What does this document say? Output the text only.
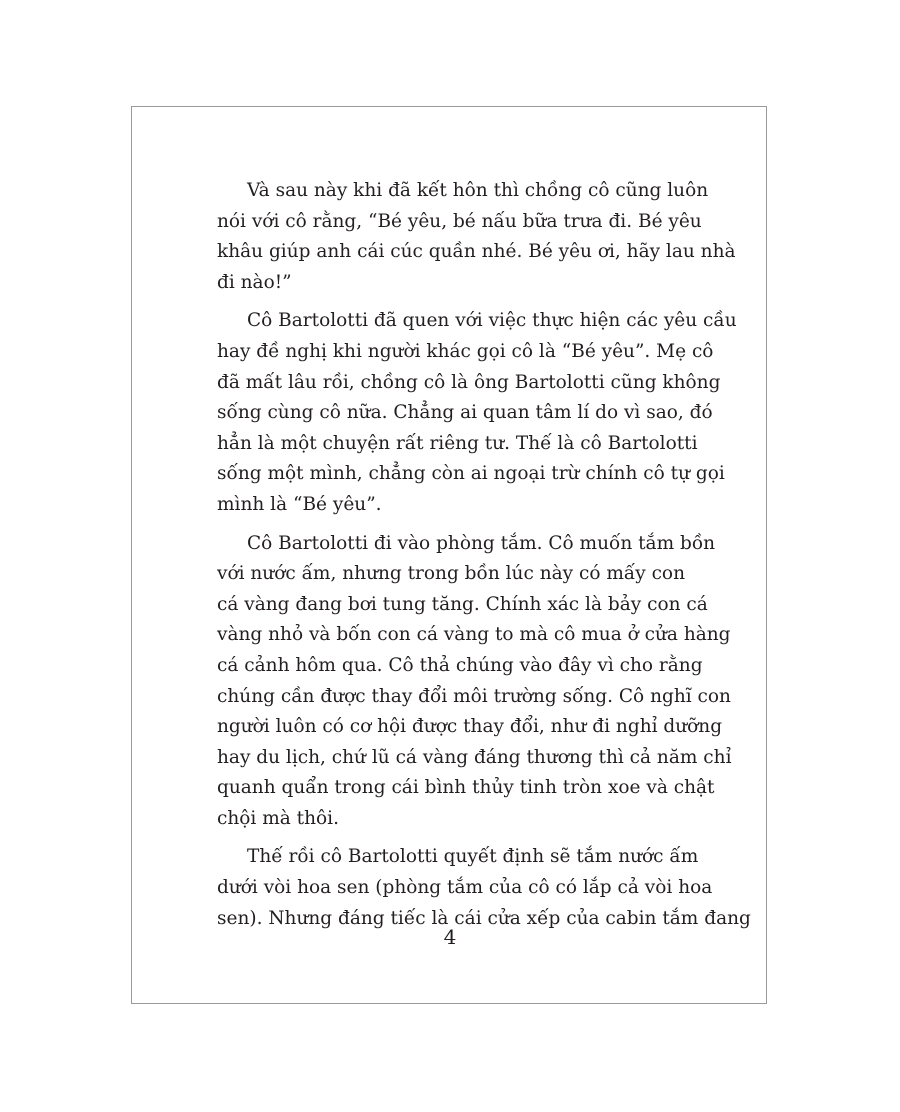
Và sau này khi đã kết hôn thì chồng cô cũng luôn
nói với cô rằng, “Bé yêu, bé nấu bữa trưa đi. Bé yêu
khâu giúp anh cái cúc quần nhé. Bé yêu ơi, hãy lau nhà
đi nào!”

Cô Bartolotti đã quen với việc thực hiện các yêu cầu
hay đề nghị khi người khác gọi cô là “Bé yêu”. Mẹ cô
đã mất lâu rồi, chồng cô là ông Bartolotti cũng không
sống cùng cô nữa. Chẳng ai quan tâm lí do vì sao, đó
hẳn là một chuyện rất riêng tư. Thế là cô Bartolotti
sống một mình, chẳng còn ai ngoại trừ chính cô tự gọi
mình là “Bé yêu”.

Cô Bartolotti đi vào phòng tắm. Cô muốn tắm bồn
với nước ấm, nhưng trong bồn lúc này có mấy con
cá vàng đang bơi tung tăng. Chính xác là bảy con cá
vàng nhỏ và bốn con cá vàng to mà cô mua ở cửa hàng
cá cảnh hôm qua. Cô thả chúng vào đây vì cho rằng
chúng cần được thay đổi môi trường sống. Cô nghĩ con
người luôn có cơ hội được thay đổi, như đi nghỉ dưỡng
hay du lịch, chứ lũ cá vàng đáng thương thì cả năm chỉ
quanh quẩn trong cái bình thủy tinh tròn xoe và chật
chội mà thôi.

Thế rồi cô Bartolotti quyết định sẽ tắm nước ấm
dưới vòi hoa sen (phòng tắm của cô có lắp cả vòi hoa
sen). Nhưng đáng tiếc là cái cửa xếp của cabin tắm đang

4
